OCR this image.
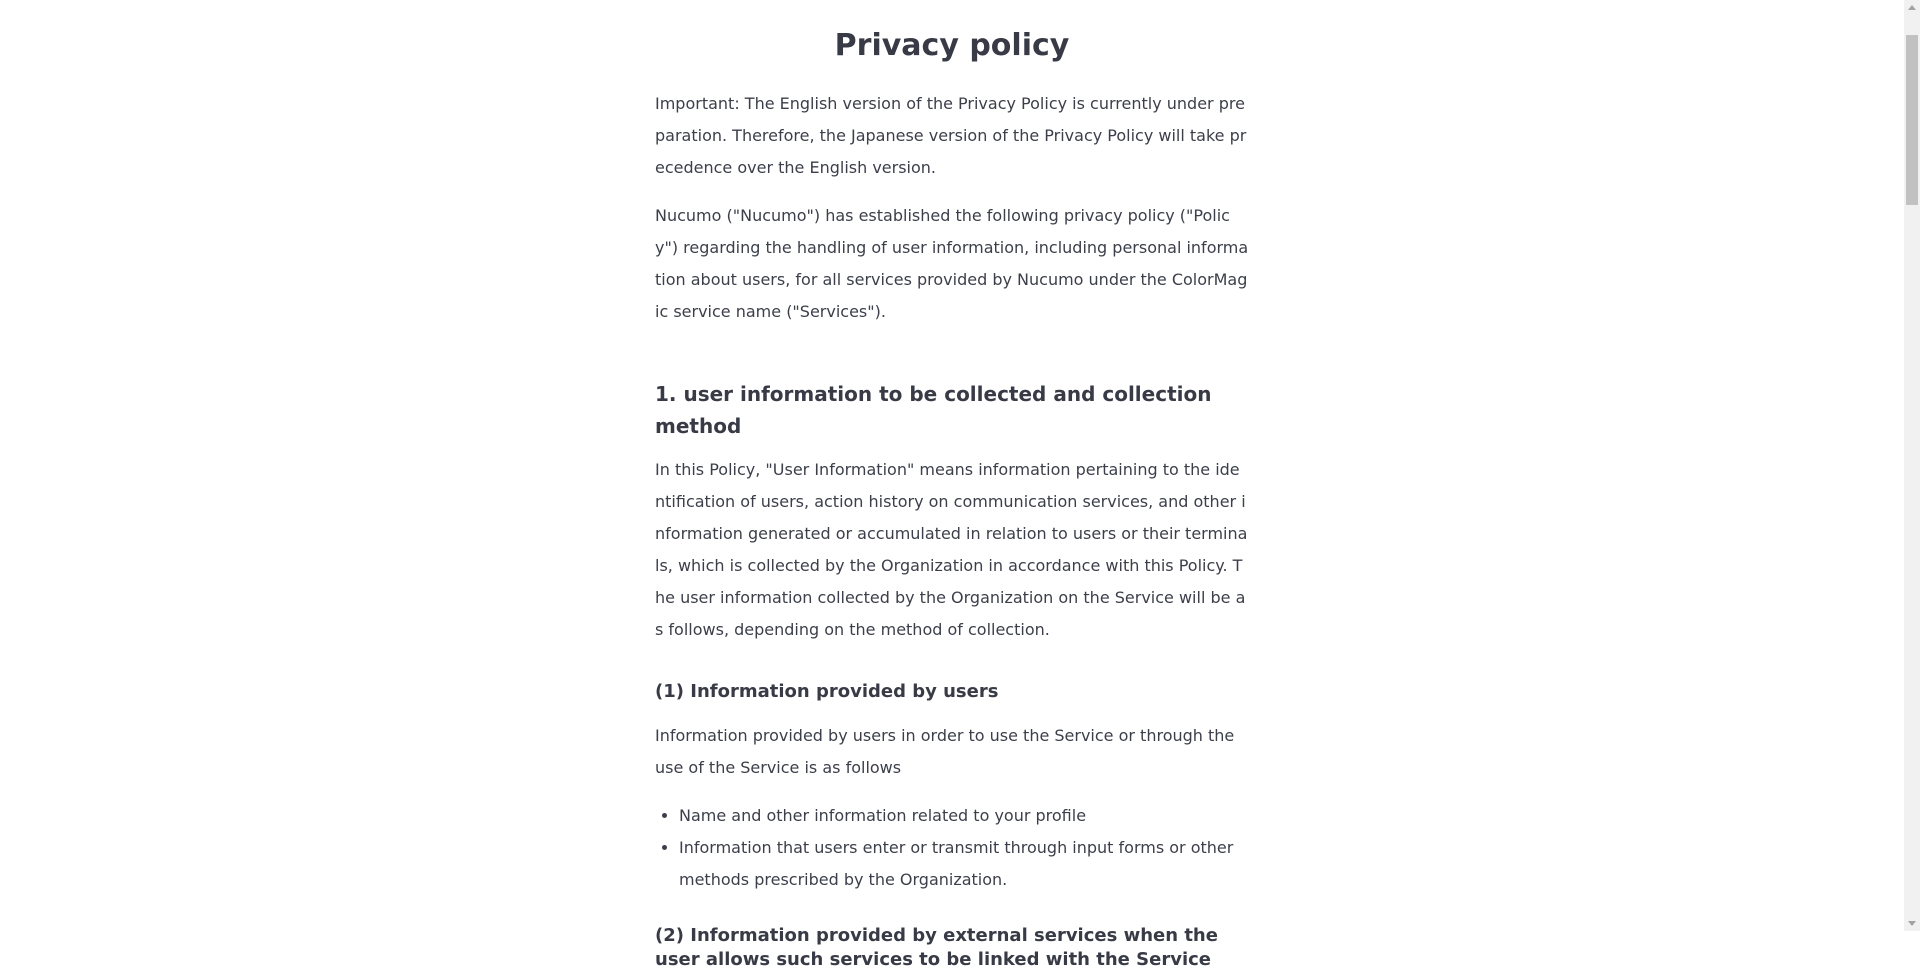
Privacy policy

Important: The English version of the Privacy Policy is currently under preparation. Therefore, the Japanese version of the Privacy Policy will take precedence over the English version.

Nucumo ("Nucumo") has established the following privacy policy ("Policy") regarding the handling of user information, including personal information about users, for all services provided by Nucumo under the ColorMagic service name ("Services").

1. user information to be collected and collection method

In this Policy, "User Information" means information pertaining to the identification of users, action history on communication services, and other information generated or accumulated in relation to users or their terminals, which is collected by the Organization in accordance with this Policy. The user information collected by the Organization on the Service will be as follows, depending on the method of collection.

(1) Information provided by users

Information provided by users in order to use the Service or through the use of the Service is as follows

• Name and other information related to your profile
• Information that users enter or transmit through input forms or other methods prescribed by the Organization.
(2) Information provided by external services when the user allows such services to be linked with the Service
